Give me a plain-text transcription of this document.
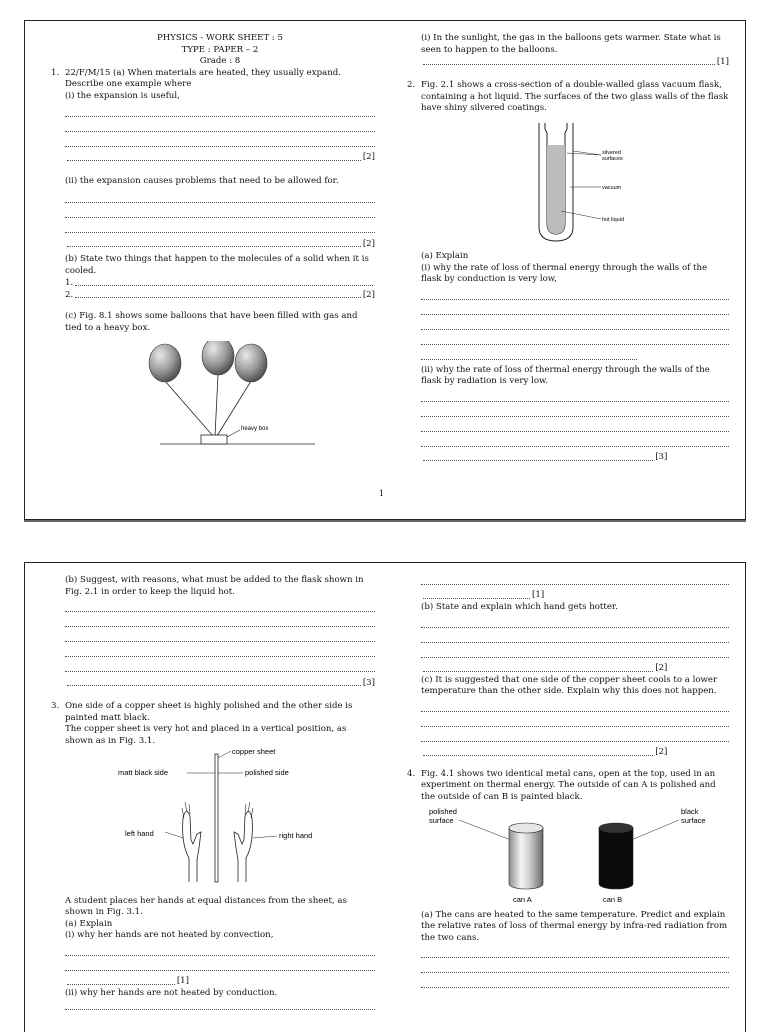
PHYSICS - WORK SHEET : 5
TYPE : PAPER – 2
Grade : 8
1. 22/F/M/15 (a) When materials are heated, they usually expand.
Describe one example where
(i) the expansion is useful,
[2]
(ii) the expansion causes problems that need to be allowed for.
[2]
(b) State two things that happen to the molecules of a solid when it is cooled.
1.
2.	[2]
(c) Fig. 8.1 shows some balloons that have been filled with gas and tied to a heavy box.
heavy box
(i) In the sunlight, the gas in the balloons gets warmer. State what is seen to happen to the balloons.
[1]
2. Fig. 2.1 shows a cross-section of a double-walled glass vacuum flask, containing a hot liquid. The surfaces of the two glass walls of the flask have shiny silvered coatings.
silvered
surfaces
vacuum
hot liquid
(a) Explain
(i) why the rate of loss of thermal energy through the walls of the flask by conduction is very low,
(ii) why the rate of loss of thermal energy through the walls of the flask by radiation is very low.
[3]
1
(b) Suggest, with reasons, what must be added to the flask shown in Fig. 2.1 in order to keep the liquid hot.
[3]
3. One side of a copper sheet is highly polished and the other side is painted matt black.
The copper sheet is very hot and placed in a vertical position, as shown as in Fig. 3.1.
copper sheet
matt black side	polished side
left hand	right hand
A student places her hands at equal distances from the sheet, as shown in Fig. 3.1.
(a) Explain
(i) why her hands are not heated by convection,
[1]
(ii) why her hands are not heated by conduction.
[1]
(b) State and explain which hand gets hotter.
[2]
(c) It is suggested that one side of the copper sheet cools to a lower temperature than the other side. Explain why this does not happen.
[2]
4. Fig. 4.1 shows two identical metal cans, open at the top, used in an experiment on thermal energy. The outside of can A is polished and the outside of can B is painted black.
polished
surface
can A
black
surface
can B
(a) The cans are heated to the same temperature. Predict and explain the relative rates of loss of thermal energy by infra-red radiation from the two cans.
